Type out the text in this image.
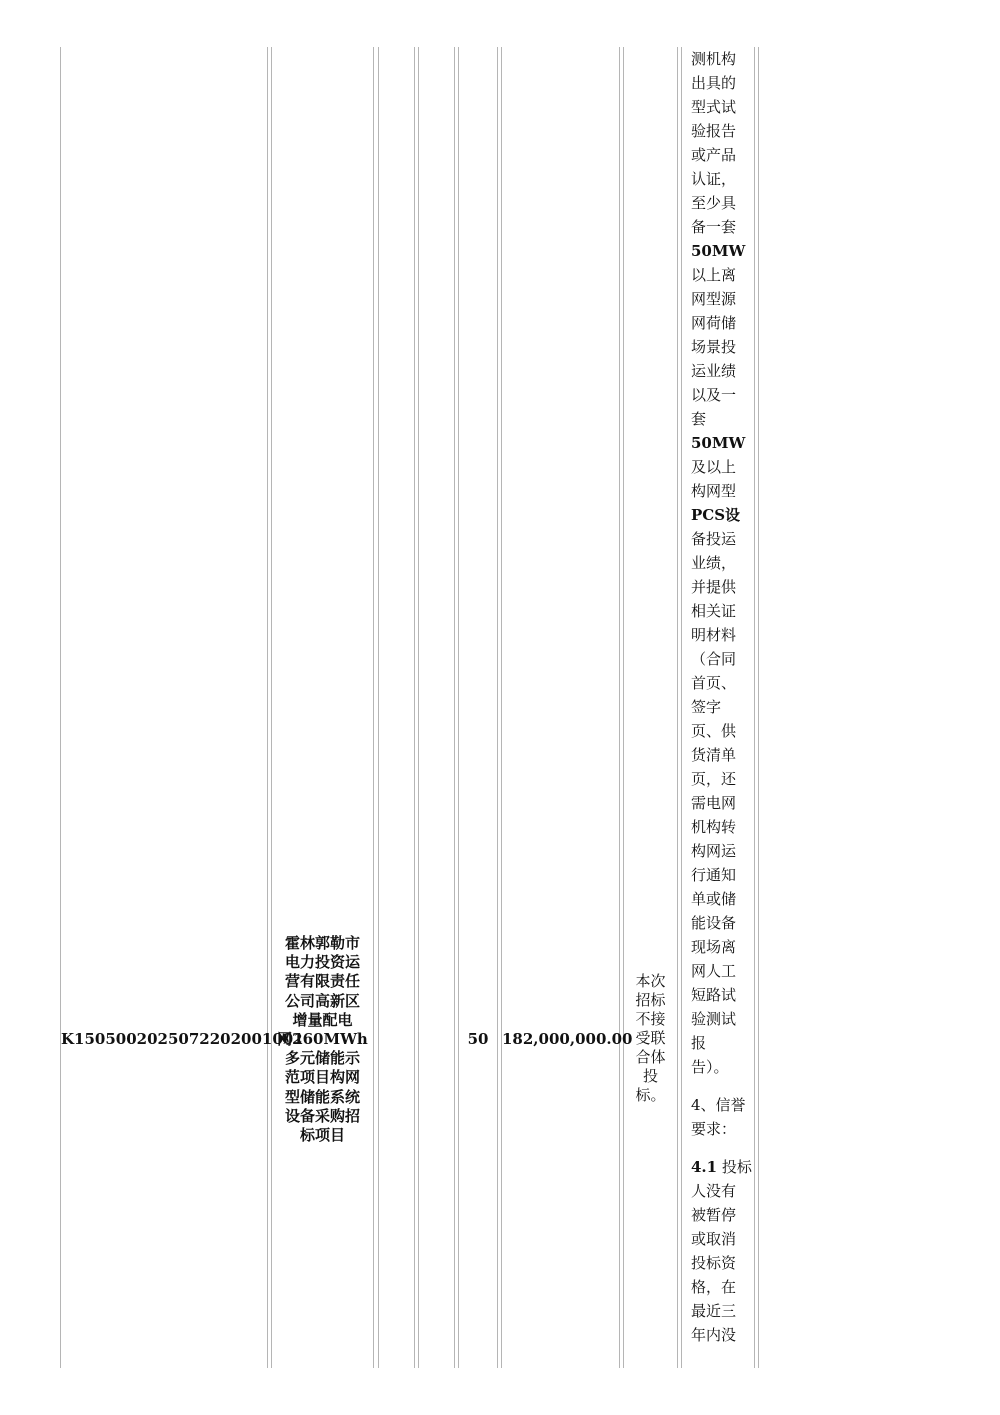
K1505002025072202001001
霍林郭勒市
电力投资运
营有限责任
公司高新区
增量配电
网260MWh
多元储能示
范项目构网
型储能系统
设备采购招
标项目
50 182,000,000.00
本次
招标
不接
受联
合体
投
标。
测机构
出具的
型式试
验报告
或产品
认证，
至少具
备一套
50MW
以上离
网型源
网荷储
场景投
运业绩
以及一
套
50MW
及以上
构网型
PCS设
备投运
业绩，
并提供
相关证
明材料
（合同
首页、
签字
页、供
货清单
页，还
需电网
机构转
构网运
行通知
单或储
能设备
现场离
网人工
短路试
验测试
报
告）。
4、信誉
要求：
4.1 投标
人没有
被暂停
或取消
投标资
格，在
最近三
年内没
